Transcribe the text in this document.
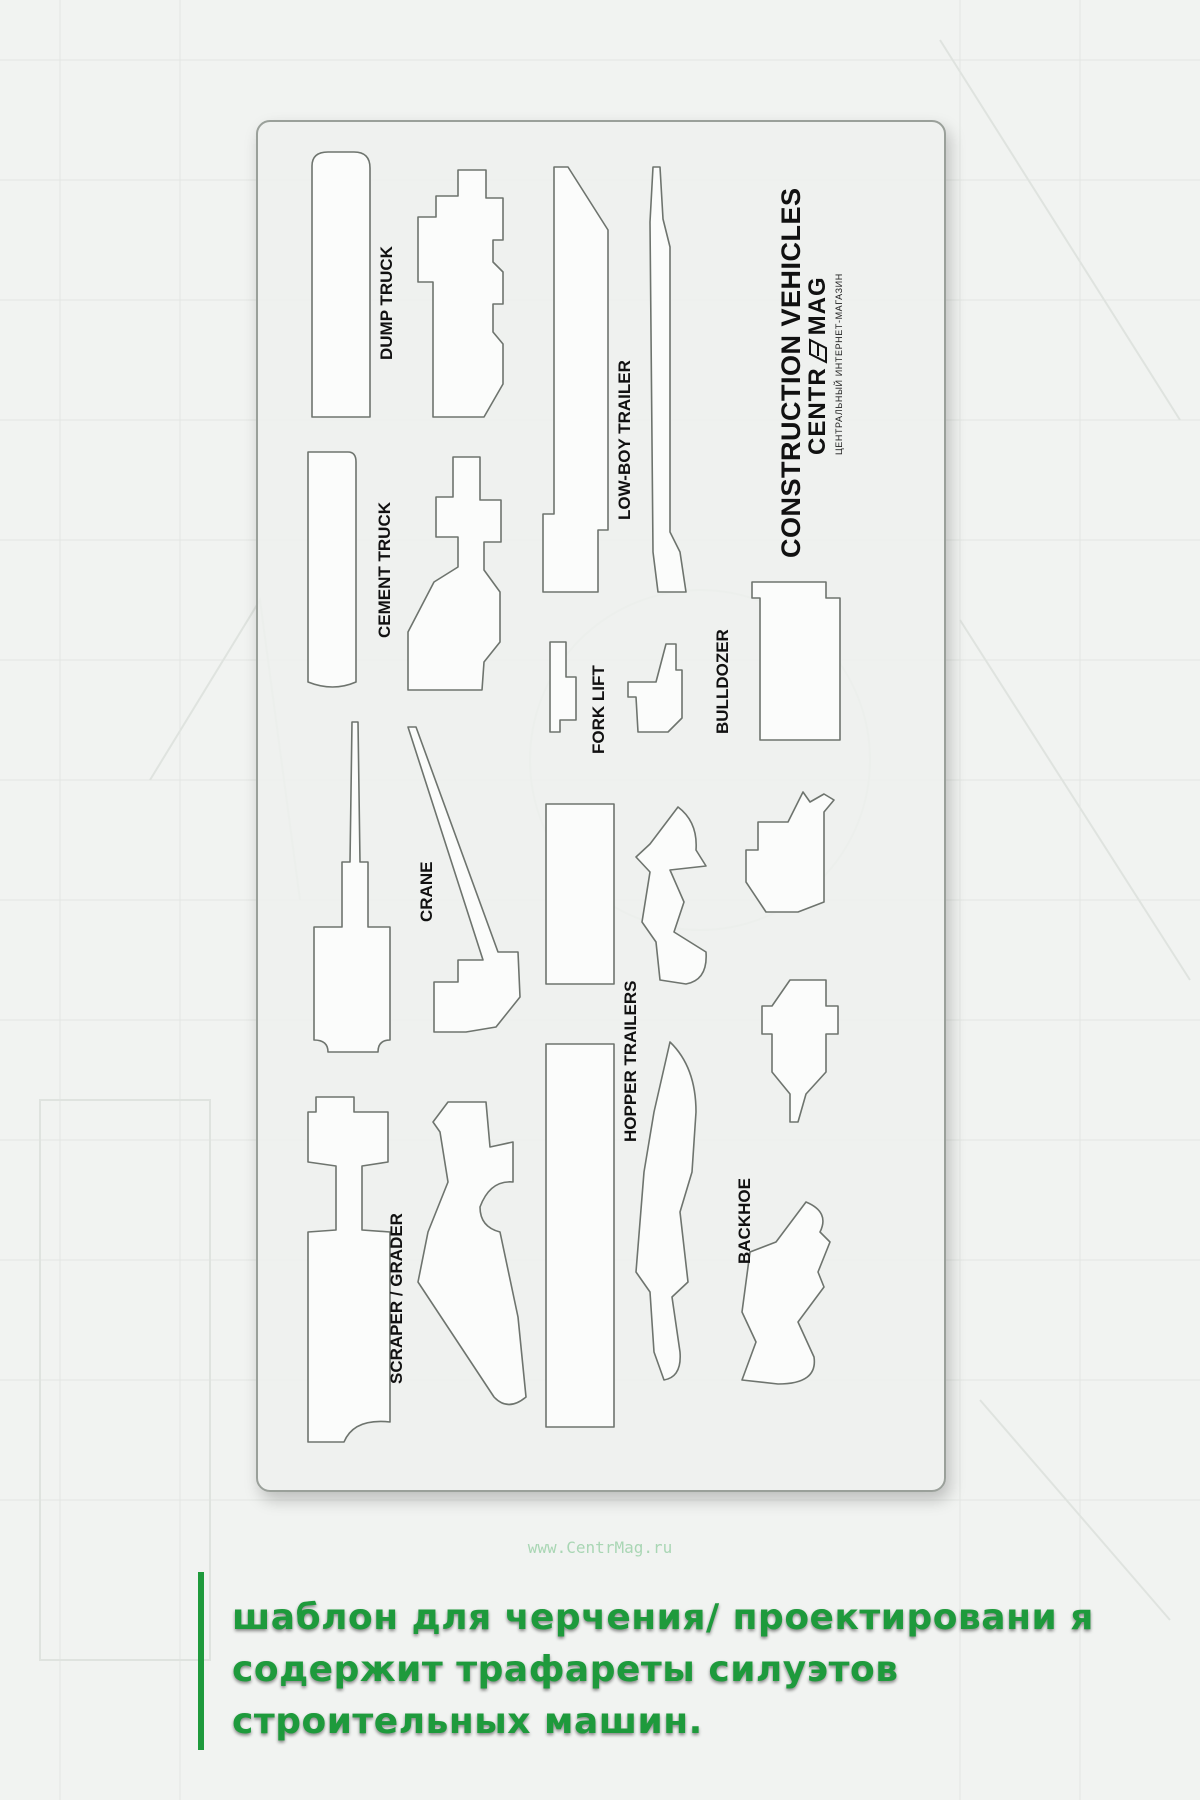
DUMP TRUCK
CEMENT TRUCK
CRANE
SCRAPER / GRADER
LOW-BOY TRAILER
FORK LIFT	BULLDOZER
HOPPER TRAILERS
BACKHOE
CONSTRUCTION VEHICLES
CENTR
MAG ЦЕНТРАЛЬНЫЙ ИНТЕРНЕТ-МАГАЗИН
www.CentrMag.ru
шаблон для черчения/ проектировани я содержит трафареты силуэтов строительных машин.
